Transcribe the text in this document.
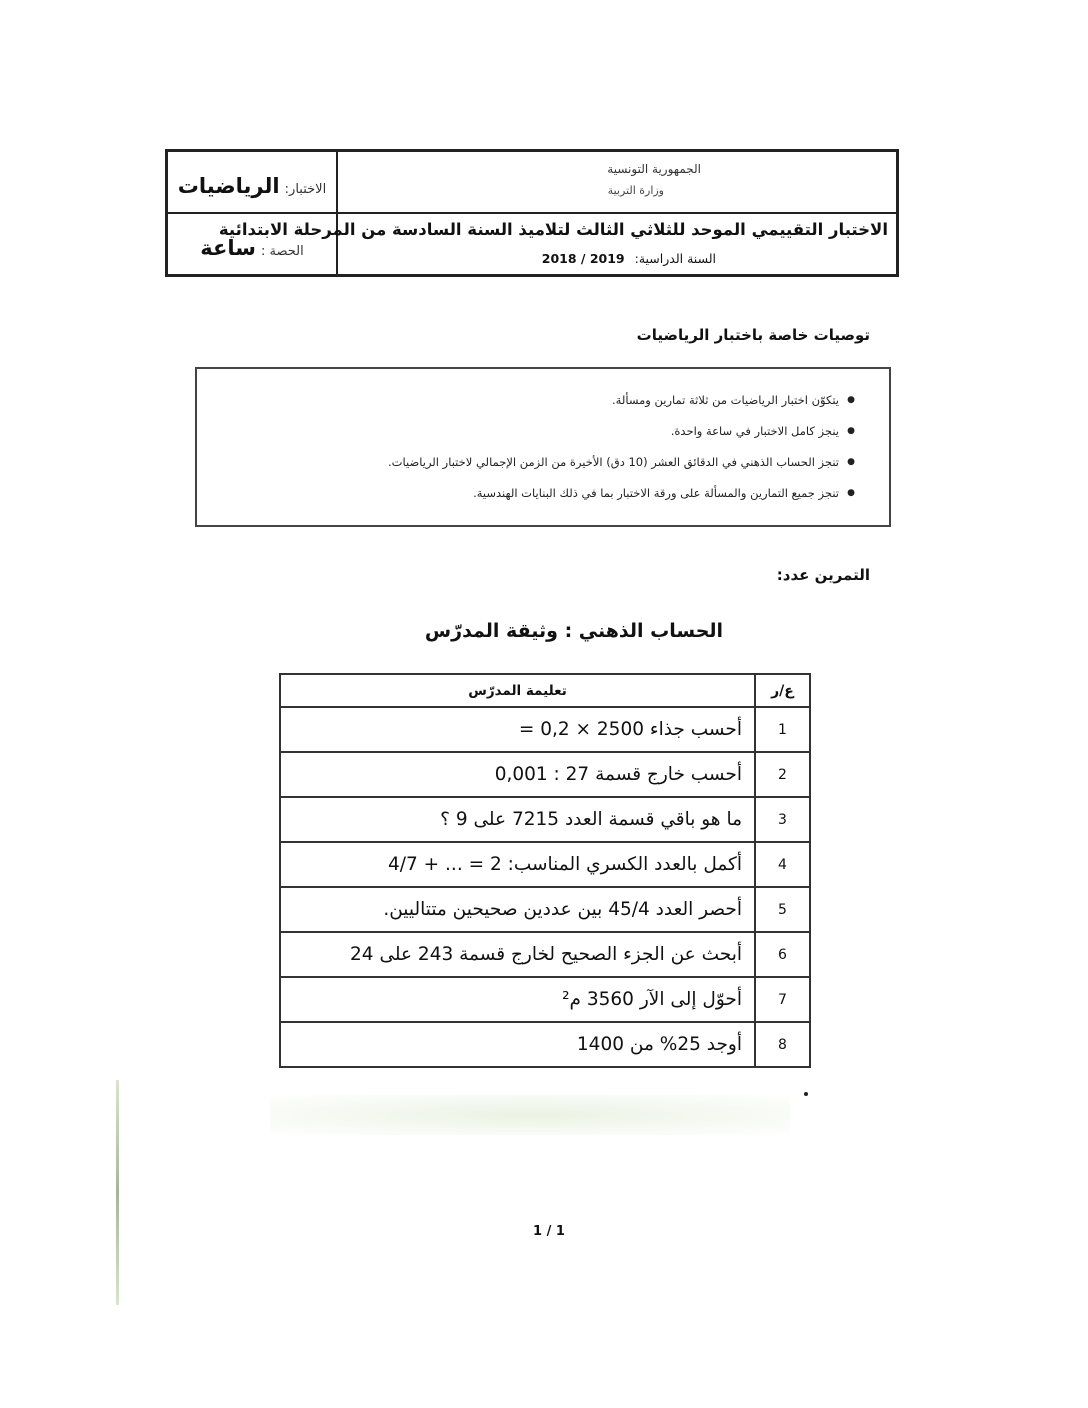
الجمهورية التونسية
وزارة التربية
الاختبار: الرياضيات
الاختبار التقييمي الموحد للثلاثي الثالث لتلاميذ السنة السادسة من المرحلة الابتدائية
السنة الدراسية: 2018 / 2019
الحصة : ساعة
توصيات خاصة باختبار الرياضيات
● يتكوّن اختبار الرياضيات من ثلاثة تمارين ومسألة.
● ينجز كامل الاختبار في ساعة واحدة.
● تنجز الحساب الذهني في الدقائق العشر (10 دق) الأخيرة من الزمن الإجمالي لاختبار الرياضيات.
● تنجز جميع التمارين والمسألة على ورقة الاختبار بما في ذلك البنايات الهندسية.
التمرين عدد:
الحساب الذهني : وثيقة المدرّس
ع/ر	تعليمة المدرّس
1	أحسب جذاء 2500 × 0,2 =
2	أحسب خارج قسمة 27 : 0,001
3	ما هو باقي قسمة العدد 7215 على 9 ؟
4	أكمل بالعدد الكسري المناسب: 4/7 + ... = 2
5	أحصر العدد 45/4 بين عددين صحيحين متتاليين.
6	أبحث عن الجزء الصحيح لخارج قسمة 243 على 24
7	أحوّل إلى الآر 3560 م²
8	أوجد 25% من 1400
1 / 1
